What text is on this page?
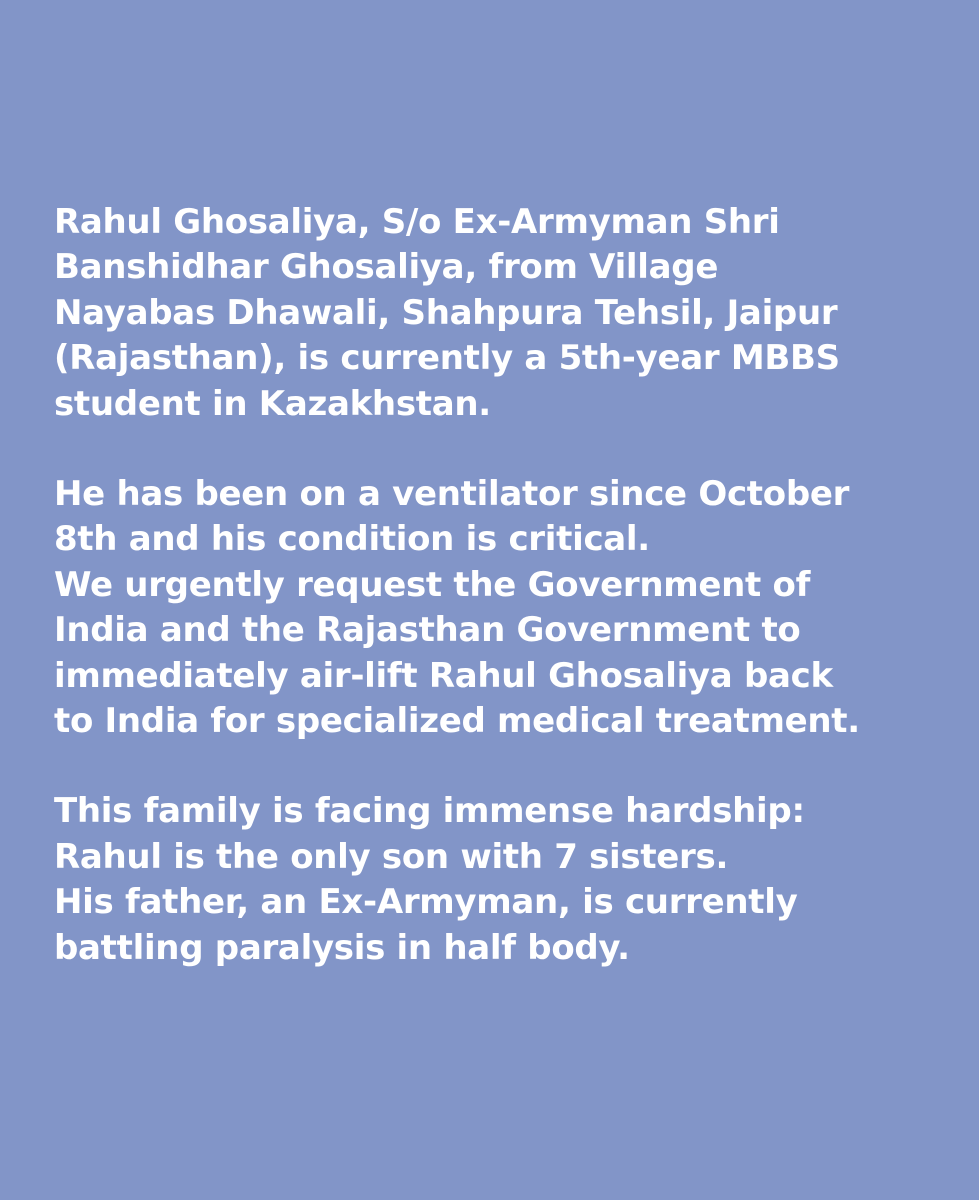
Rahul Ghosaliya, S/o Ex-Armyman Shri
Banshidhar Ghosaliya, from Village
Nayabas Dhawali, Shahpura Tehsil, Jaipur
(Rajasthan), is currently a 5th-year MBBS
student in Kazakhstan.

He has been on a ventilator since October
8th and his condition is critical.
We urgently request the Government of
India and the Rajasthan Government to
immediately air-lift Rahul Ghosaliya back
to India for specialized medical treatment.

This family is facing immense hardship:
Rahul is the only son with 7 sisters.
His father, an Ex-Armyman, is currently
battling paralysis in half body.
